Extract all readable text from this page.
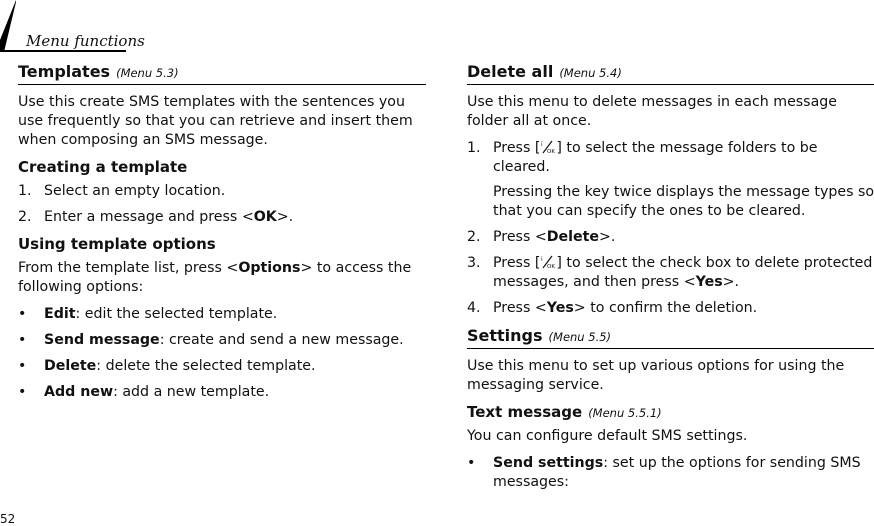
Menu functions
52
Templates (Menu 5.3)

Use this create SMS templates with the sentences you use frequently so that you can retrieve and insert them when composing an SMS message.

Creating a template
1. Select an empty location.
2. Enter a message and press <OK>.
Using template options

From the template list, press <Options> to access the following options:

• Edit: edit the selected template.
• Send message: create and send a new message.
• Delete: delete the selected template.
• Add new: add a new template.
Delete all (Menu 5.4)

Use this menu to delete messages in each message folder all at once.

1. Press [ i
OK ] to select the message folders to be cleared.

Pressing the key twice displays the message types so that you can specify the ones to be cleared.

2. Press <Delete>.
3. Press [ i
OK ] to select the check box to delete protected messages, and then press <Yes>.
4. Press <Yes> to confirm the deletion.
Settings (Menu 5.5)

Use this menu to set up various options for using the messaging service.

Text message (Menu 5.5.1)

You can configure default SMS settings.

• Send settings: set up the options for sending SMS messages:
